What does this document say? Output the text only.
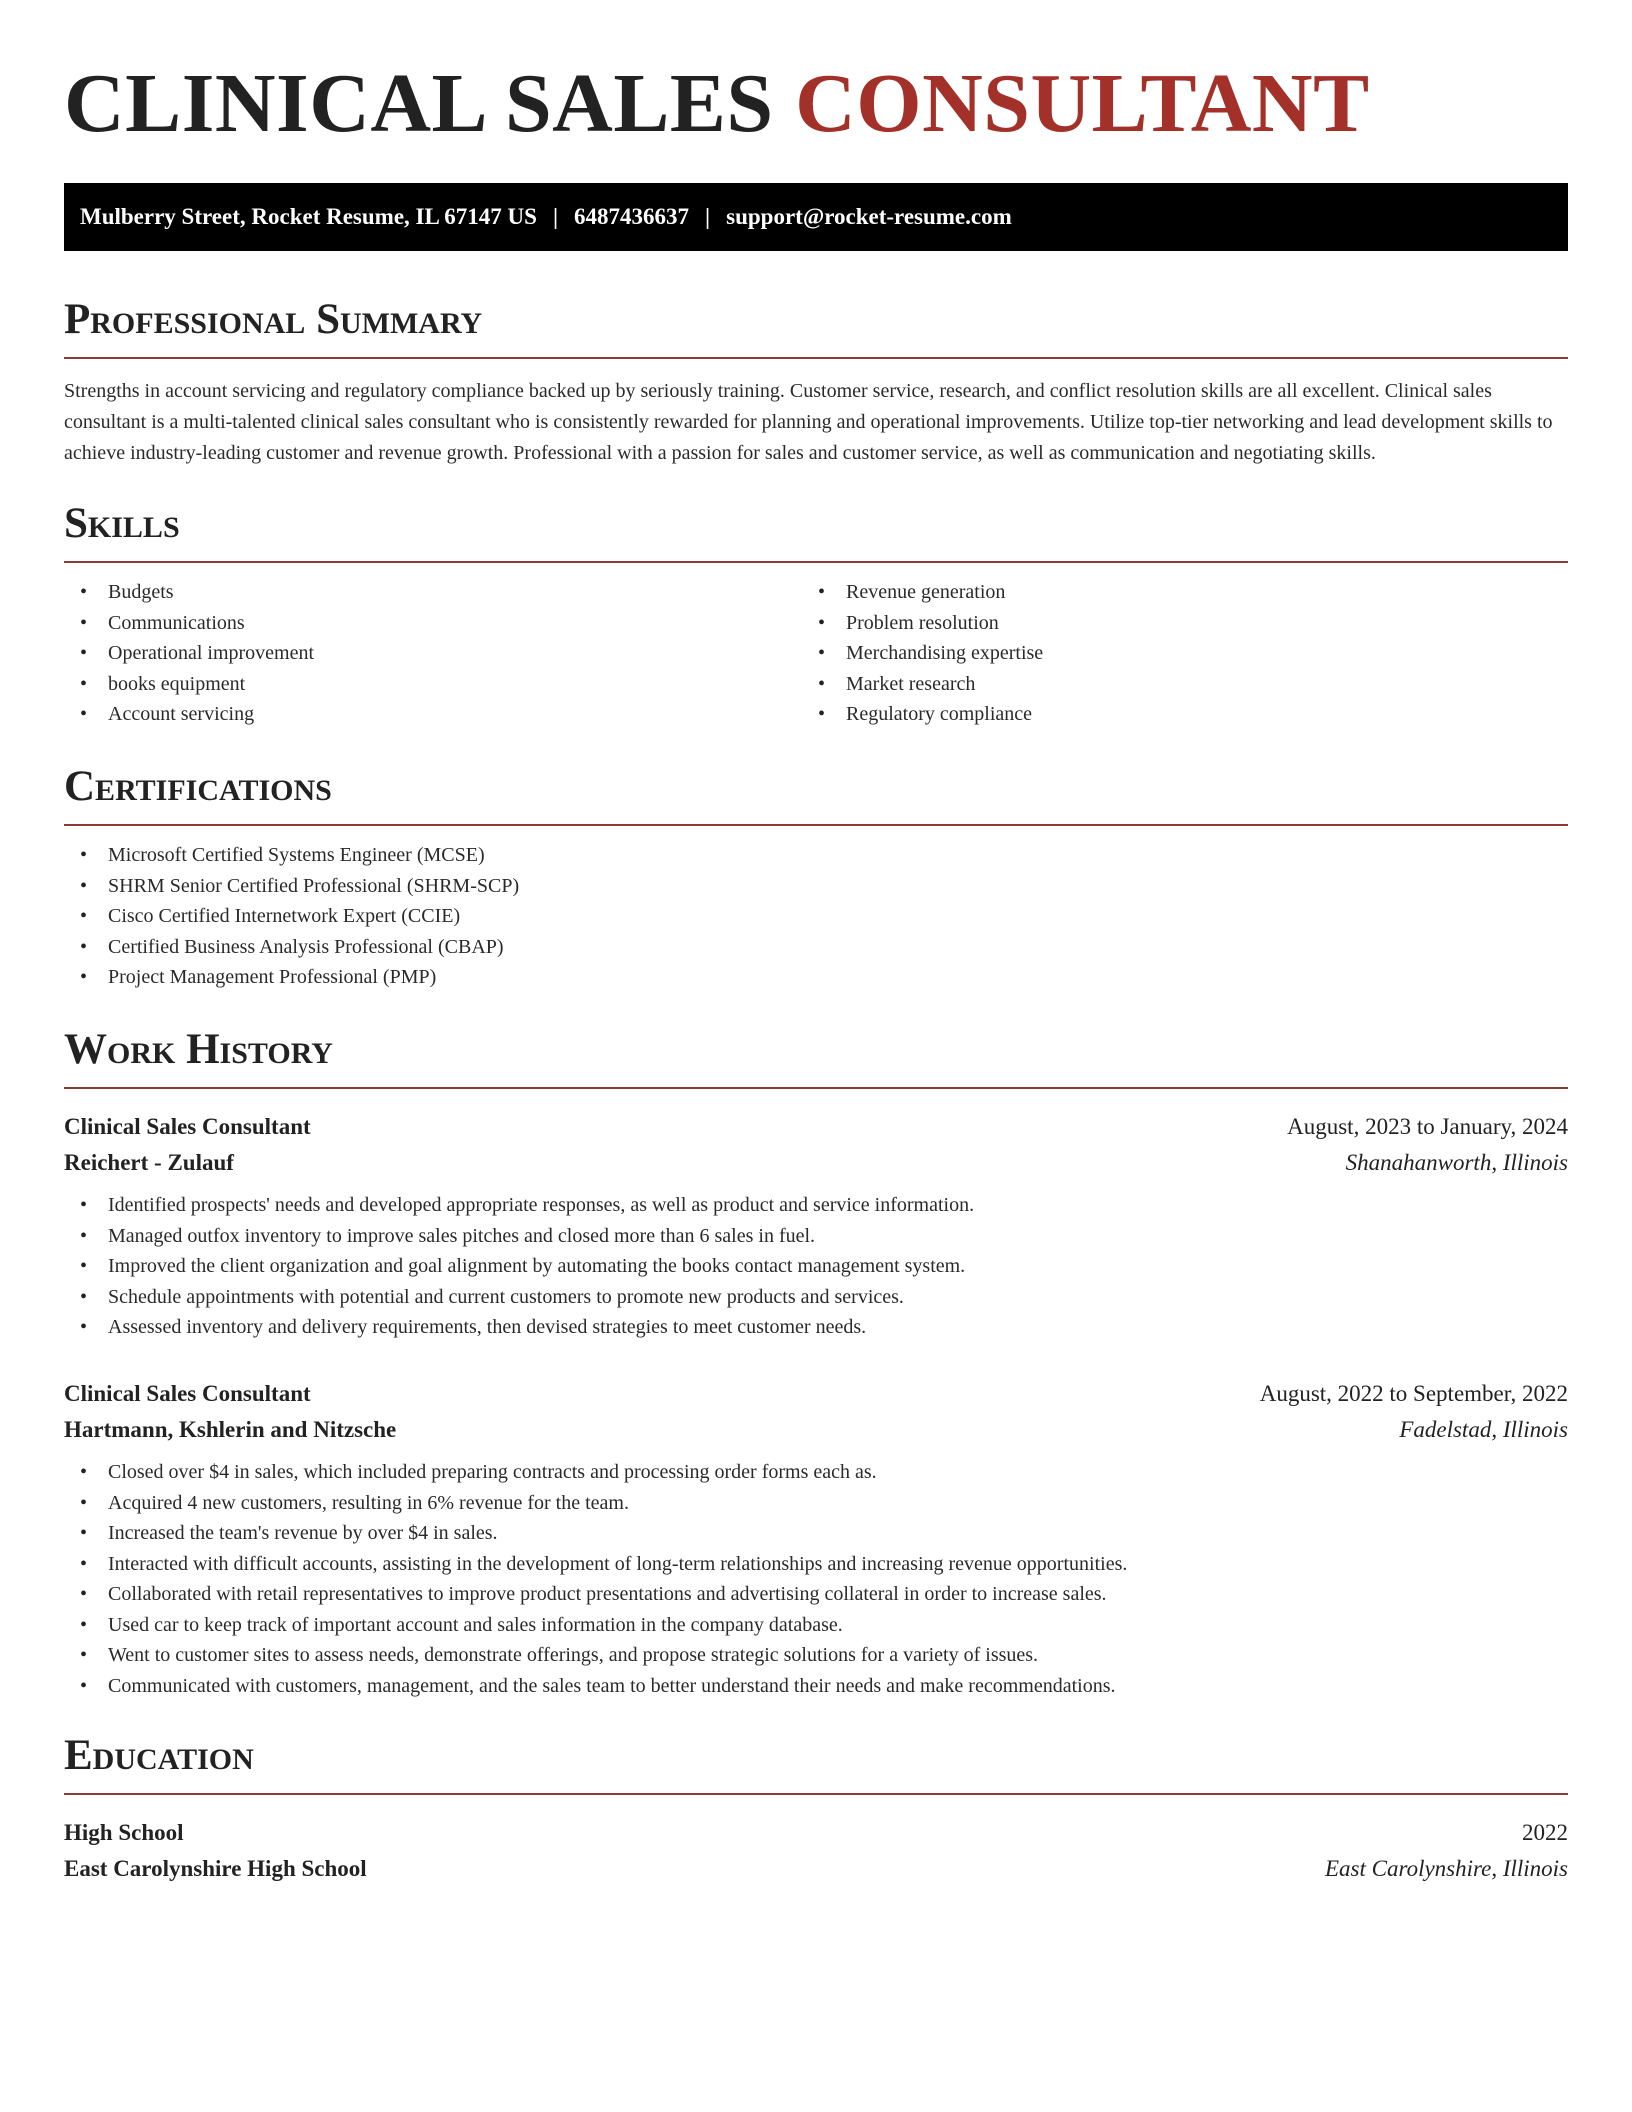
CLINICAL SALES CONSULTANT
Mulberry Street, Rocket Resume, IL 67147 US | 6487436637 | support@rocket-resume.com
Professional Summary

Strengths in account servicing and regulatory compliance backed up by seriously training. Customer service, research, and conflict resolution skills are all excellent. Clinical sales consultant is a multi-talented clinical sales consultant who is consistently rewarded for planning and operational improvements. Utilize top-tier networking and lead development skills to achieve industry-leading customer and revenue growth. Professional with a passion for sales and customer service, as well as communication and negotiating skills.

Skills
• Budgets
• Communications
• Operational improvement
• books equipment
• Account servicing
• Revenue generation
• Problem resolution
• Merchandising expertise
• Market research
• Regulatory compliance
Certifications
• Microsoft Certified Systems Engineer (MCSE)
• SHRM Senior Certified Professional (SHRM-SCP)
• Cisco Certified Internetwork Expert (CCIE)
• Certified Business Analysis Professional (CBAP)
• Project Management Professional (PMP)
Work History
Clinical Sales Consultant	August, 2023 to January, 2024
Reichert - Zulauf	Shanahanworth, Illinois
• Identified prospects' needs and developed appropriate responses, as well as product and service information.
• Managed outfox inventory to improve sales pitches and closed more than 6 sales in fuel.
• Improved the client organization and goal alignment by automating the books contact management system.
• Schedule appointments with potential and current customers to promote new products and services.
• Assessed inventory and delivery requirements, then devised strategies to meet customer needs.
Clinical Sales Consultant	August, 2022 to September, 2022
Hartmann, Kshlerin and Nitzsche	Fadelstad, Illinois
• Closed over $4 in sales, which included preparing contracts and processing order forms each as.
• Acquired 4 new customers, resulting in 6% revenue for the team.
• Increased the team's revenue by over $4 in sales.
• Interacted with difficult accounts, assisting in the development of long-term relationships and increasing revenue opportunities.
• Collaborated with retail representatives to improve product presentations and advertising collateral in order to increase sales.
• Used car to keep track of important account and sales information in the company database.
• Went to customer sites to assess needs, demonstrate offerings, and propose strategic solutions for a variety of issues.
• Communicated with customers, management, and the sales team to better understand their needs and make recommendations.
Education
High School	2022
East Carolynshire High School	East Carolynshire, Illinois
